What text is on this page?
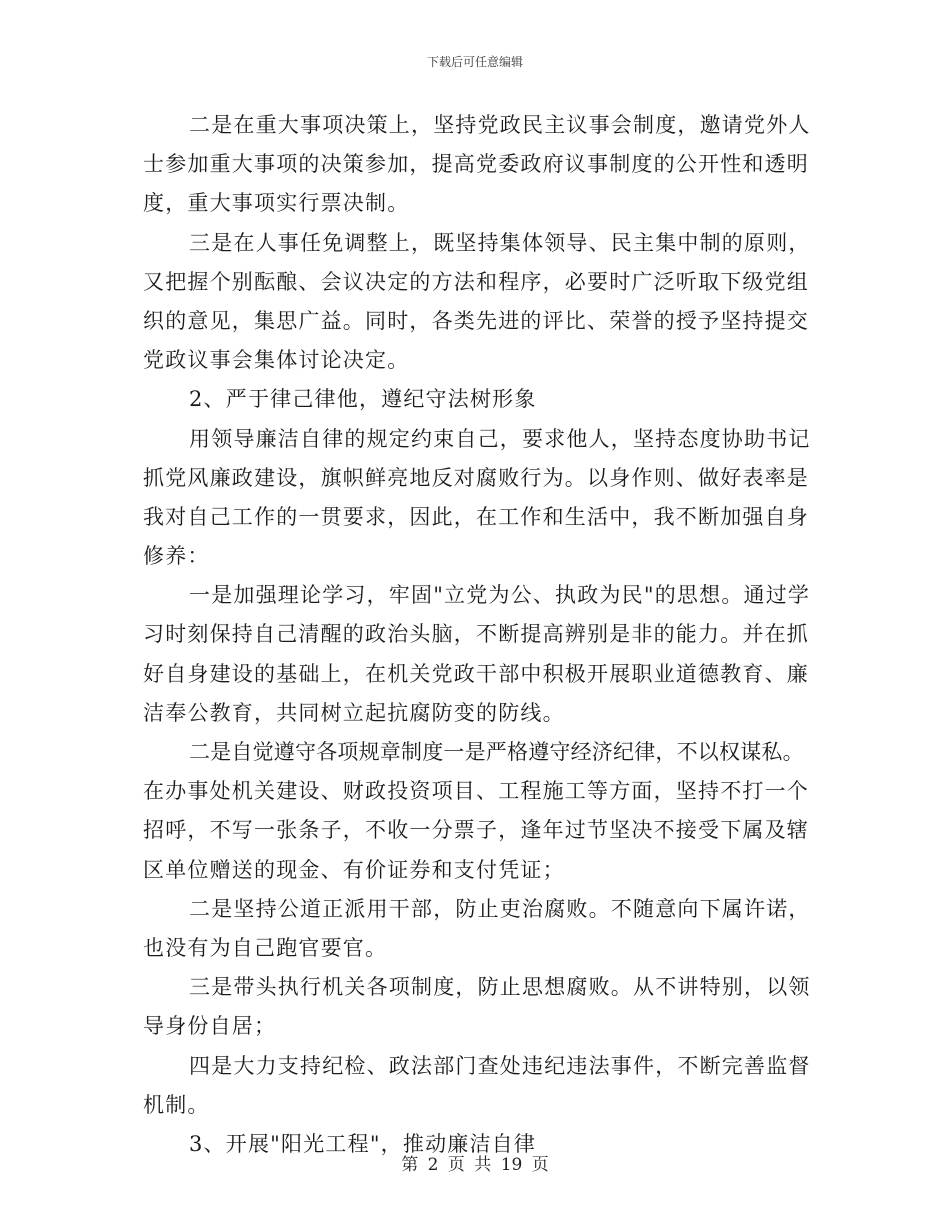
下载后可任意编辑
二是在重大事项决策上，坚持党政民主议事会制度，邀请党外人
士参加重大事项的决策参加，提高党委政府议事制度的公开性和透明
度，重大事项实行票决制。
三是在人事任免调整上，既坚持集体领导、民主集中制的原则，
又把握个别酝酿、会议决定的方法和程序，必要时广泛听取下级党组
织的意见，集思广益。同时，各类先进的评比、荣誉的授予坚持提交
党政议事会集体讨论决定。
2、严于律己律他，遵纪守法树形象
用领导廉洁自律的规定约束自己，要求他人，坚持态度协助书记
抓党风廉政建设，旗帜鲜亮地反对腐败行为。以身作则、做好表率是
我对自己工作的一贯要求，因此，在工作和生活中，我不断加强自身
修养：
一是加强理论学习，牢固"立党为公、执政为民"的思想。通过学
习时刻保持自己清醒的政治头脑，不断提高辨别是非的能力。并在抓
好自身建设的基础上，在机关党政干部中积极开展职业道德教育、廉
洁奉公教育，共同树立起抗腐防变的防线。
二是自觉遵守各项规章制度一是严格遵守经济纪律，不以权谋私。
在办事处机关建设、财政投资项目、工程施工等方面，坚持不打一个
招呼，不写一张条子，不收一分票子，逢年过节坚决不接受下属及辖
区单位赠送的现金、有价证券和支付凭证；
二是坚持公道正派用干部，防止吏治腐败。不随意向下属许诺，
也没有为自己跑官要官。
三是带头执行机关各项制度，防止思想腐败。从不讲特别，以领
导身份自居；
四是大力支持纪检、政法部门查处违纪违法事件，不断完善监督
机制。
3、开展"阳光工程"，推动廉洁自律
第 2 页 共 19 页
